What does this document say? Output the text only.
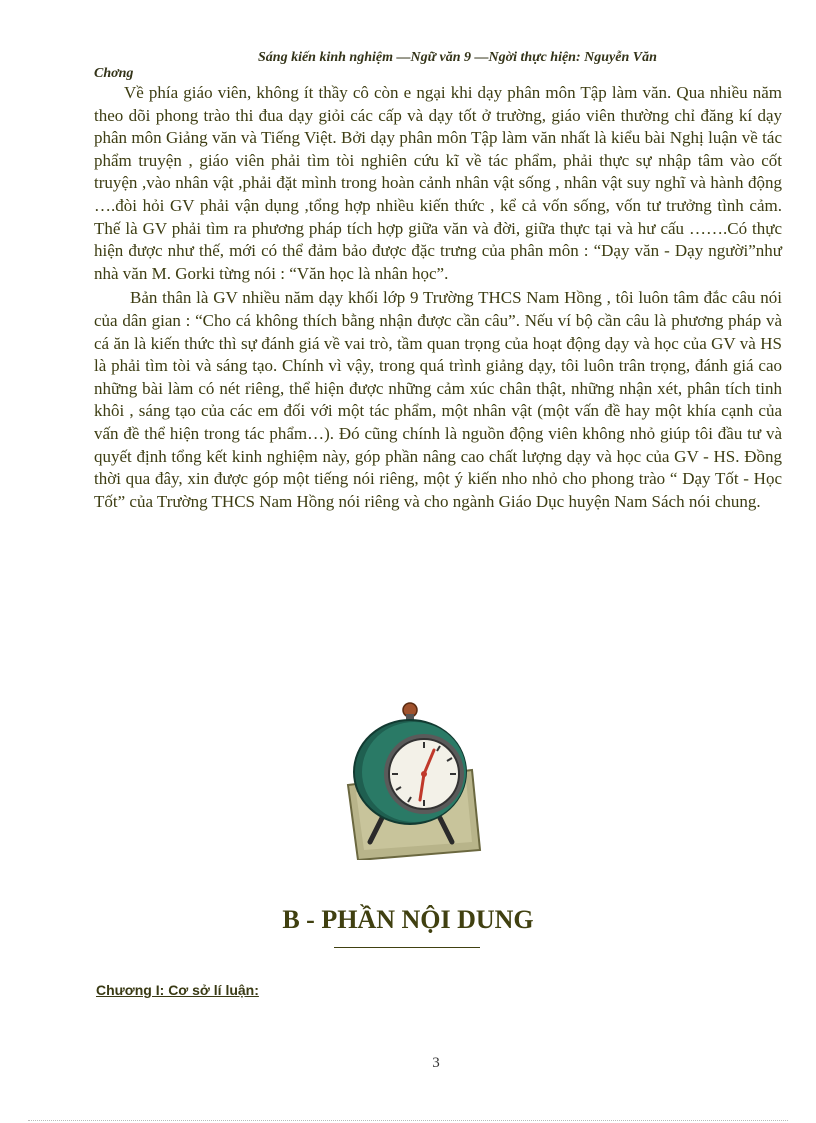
Sáng kiến kinh nghiệm —Ngữ văn 9 —Ngời thực hiện: Nguyễn Văn
Chơng

Về phía giáo viên, không ít thầy cô còn e ngại khi dạy phân môn Tập làm văn. Qua nhiều năm theo dõi phong trào thi đua dạy giỏi các cấp và dạy tốt ở trường, giáo viên thường chỉ đăng kí dạy phân môn Giảng văn và Tiếng Việt. Bởi dạy phân môn Tập làm văn nhất là kiểu bài Nghị luận về tác phẩm truyện , giáo viên phải tìm tòi nghiên cứu kĩ về tác phẩm, phải thực sự nhập tâm vào cốt truyện ,vào nhân vật ,phải đặt mình trong hoàn cảnh nhân vật sống , nhân vật suy nghĩ và hành động ….đòi hỏi GV phải vận dụng ,tổng hợp nhiều kiến thức , kể cả vốn sống, vốn tư trưởng tình cảm. Thế là GV phải tìm ra phương pháp tích hợp giữa văn và đời, giữa thực tại và hư cấu …….Có thực hiện được như thế, mới có thể đảm bảo được đặc trưng của phân môn : “Dạy văn - Dạy người”như nhà văn M. Gorki từng nói : “Văn học là nhân học”.

Bản thân là GV nhiều năm dạy khối lớp 9 Trường THCS Nam Hồng , tôi luôn tâm đắc câu nói của dân gian : “Cho cá không thích bằng nhận được cần câu”. Nếu ví bộ cần câu là phương pháp và cá ăn là kiến thức thì sự đánh giá về vai trò, tầm quan trọng của hoạt động dạy và học của GV và HS là phải tìm tòi và sáng tạo. Chính vì vậy, trong quá trình giảng dạy, tôi luôn trân trọng, đánh giá cao những bài làm có nét riêng, thể hiện được những cảm xúc chân thật, những nhận xét, phân tích tinh khôi , sáng tạo của các em đối với một tác phẩm, một nhân vật (một vấn đề hay một khía cạnh của vấn đề thể hiện trong tác phẩm…). Đó cũng chính là nguồn động viên không nhỏ giúp tôi đầu tư và quyết định tổng kết kinh nghiệm này, góp phần nâng cao chất lượng dạy và học của GV - HS. Đồng thời qua đây, xin được góp một tiếng nói riêng, một ý kiến nho nhỏ cho phong trào “ Dạy Tốt - Học Tốt” của Trường THCS Nam Hồng nói riêng và cho ngành Giáo Dục huyện Nam Sách nói chung.

B - PHẦN NỘI DUNG
Chương I: Cơ sở lí luận:
3
